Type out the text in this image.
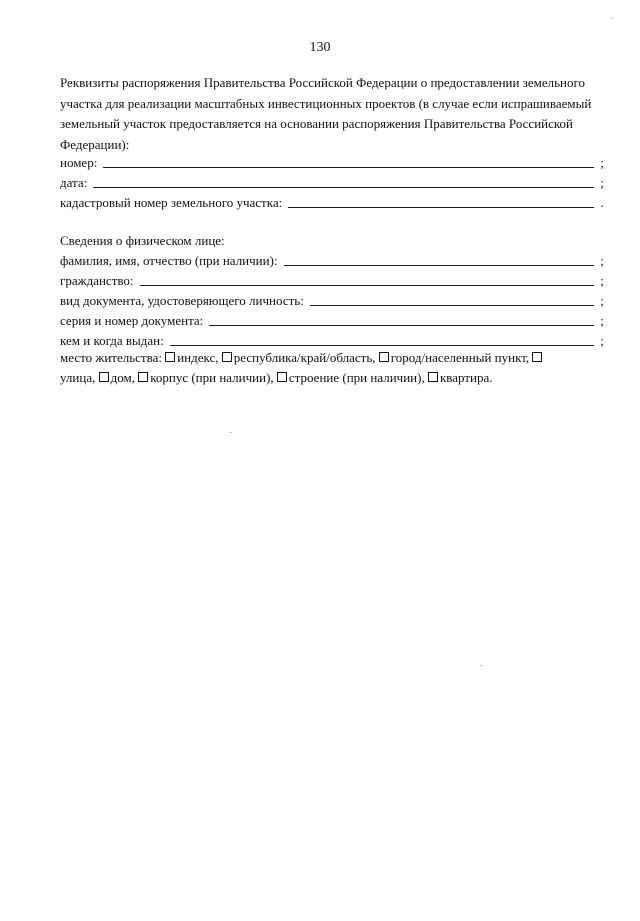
130

Реквизиты распоряжения Правительства Российской Федерации о предоставлении земельного участка для реализации масштабных инвестиционных проектов (в случае если испрашиваемый земельный участок предоставляется на основании распоряжения Правительства Российской Федерации):

номер:	;
дата:	;
кадастровый номер земельного участка:	.
Сведения о физическом лице:
фамилия, имя, отчество (при наличии):	;
гражданство:	;
вид документа, удостоверяющего личность:	;
серия и номер документа:	;
кем и когда выдан:	;
место жительства: индекс, республика/край/область, город/населенный пункт,
улица, дом, корпус (при наличии), строение (при наличии), квартира.
